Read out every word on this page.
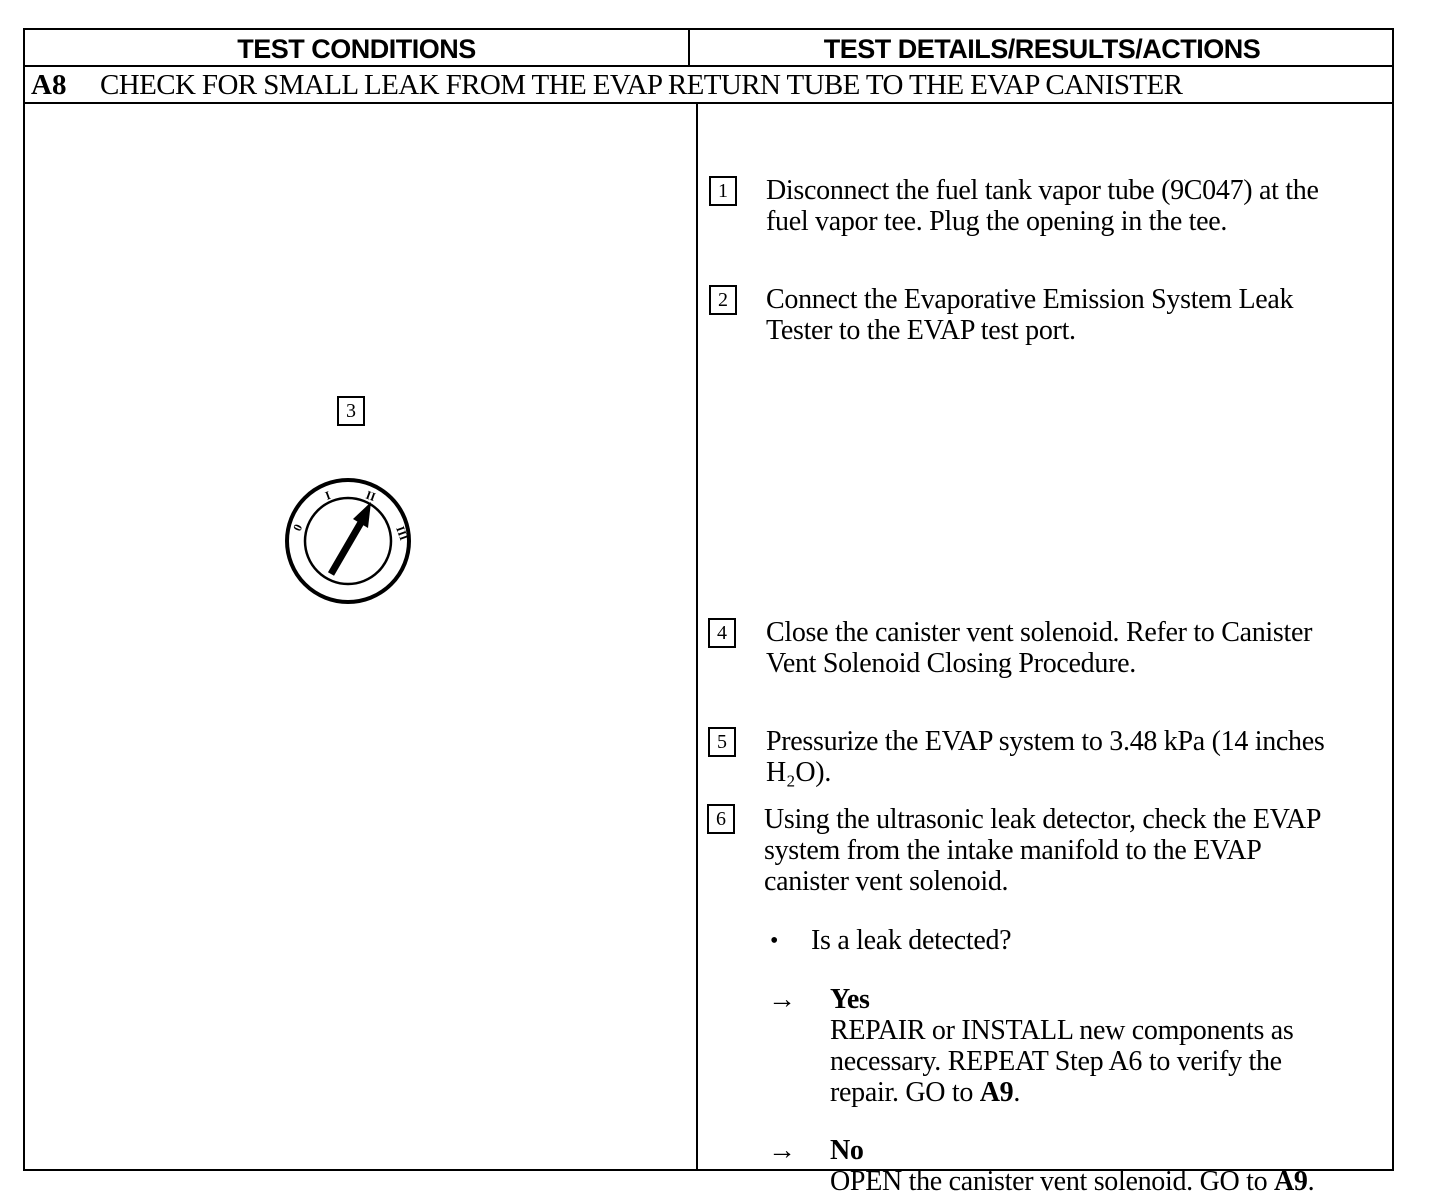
TEST CONDITIONS	TEST DETAILS/RESULTS/ACTIONS
A8 CHECK FOR SMALL LEAK FROM THE EVAP RETURN TUBE TO THE EVAP CANISTER
3
0
I	II
III
1	Disconnect the fuel tank vapor tube (9C047) at the
fuel vapor tee. Plug the opening in the tee.
2	Connect the Evaporative Emission System Leak
Tester to the EVAP test port.
4	Close the canister vent solenoid. Refer to Canister
Vent Solenoid Closing Procedure.
5	Pressurize the EVAP system to 3.48 kPa (14 inches
H₂O).
6	Using the ultrasonic leak detector, check the EVAP
system from the intake manifold to the EVAP
canister vent solenoid.
• Is a leak detected?
→ Yes
REPAIR or INSTALL new components as
necessary. REPEAT Step A6 to verify the
repair. GO to A9.
→ No
OPEN the canister vent solenoid. GO to A9.
